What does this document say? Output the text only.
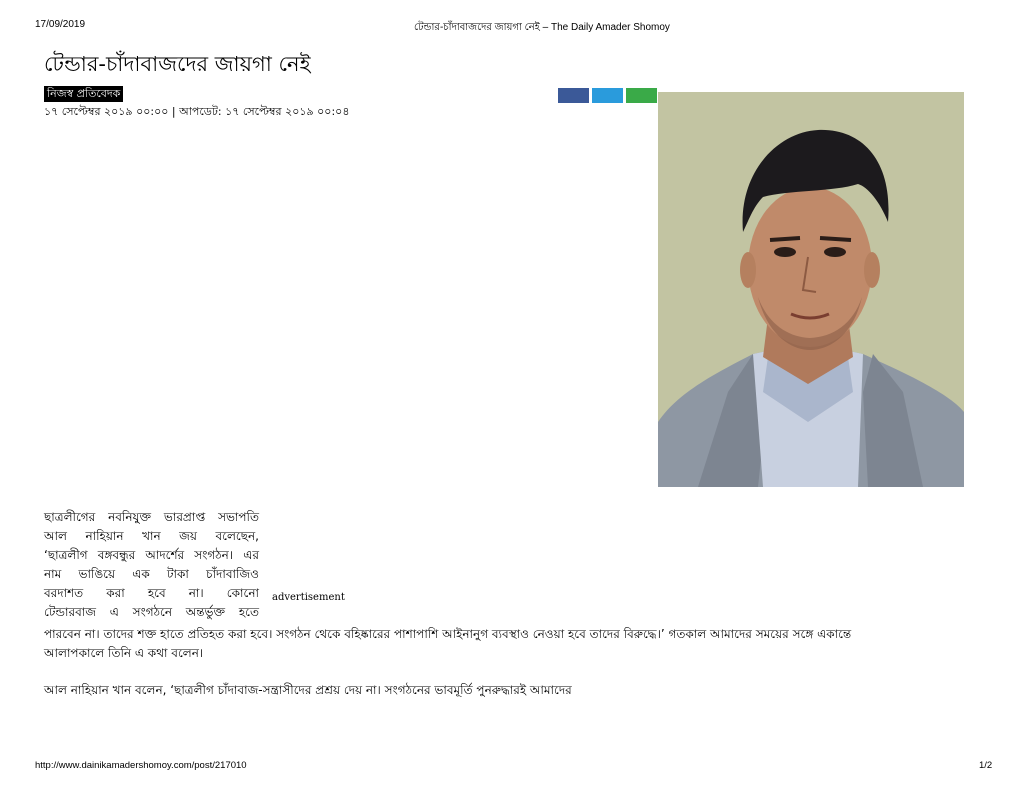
17/09/2019	টেন্ডার-চাঁদাবাজদের জায়গা নেই – The Daily Amader Shomoy
টেন্ডার-চাঁদাবাজদের জায়গা নেই
নিজস্ব প্রতিবেদক
১৭ সেপ্টেম্বর ২০১৯ ০০:০০ | আপডেট: ১৭ সেপ্টেম্বর ২০১৯ ০০:০৪
ছাত্রলীগের নবনিযুক্ত ভারপ্রাপ্ত সভাপতি
আল নাহিয়ান খান জয় বলেছেন,
‘ছাত্রলীগ বঙ্গবন্ধুর আদর্শের সংগঠন। এর
নাম ভাঙিয়ে এক টাকা চাঁদাবাজিও
বরদাশত করা হবে না। কোনো
টেন্ডারবাজ এ সংগঠনে অন্তর্ভুক্ত হতে
advertisement
পারবেন না। তাদের শক্ত হাতে প্রতিহত করা হবে। সংগঠন থেকে বহিষ্কারের পাশাপাশি আইনানুগ ব্যবস্থাও নেওয়া হবে তাদের বিরুদ্ধে।’ গতকাল আমাদের সময়ের সঙ্গে একান্তে
আলাপকালে তিনি এ কথা বলেন।
আল নাহিয়ান খান বলেন, ‘ছাত্রলীগ চাঁদাবাজ-সন্ত্রাসীদের প্রশ্রয় দেয় না। সংগঠনের ভাবমূর্তি পুনরুদ্ধারই আমাদের
http://www.dainikamadershomoy.com/post/217010	1/2
